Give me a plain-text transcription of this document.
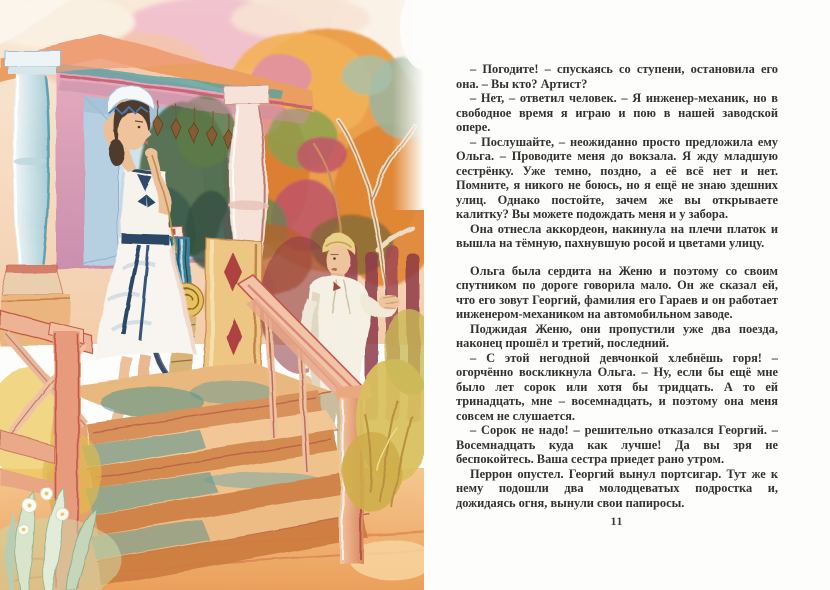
– Погодите! – спускаясь со ступени, остановила его она. – Вы кто? Артист?

– Нет, – ответил человек. – Я инженер-механик, но в свободное время я играю и пою в нашей заводской опере.

– Послушайте, – неожиданно просто предложила ему Ольга. – Проводите меня до вокзала. Я жду младшую сестрёнку. Уже темно, поздно, а её всё нет и нет. Помните, я никого не боюсь, но я ещё не знаю здешних улиц. Однако постойте, зачем же вы открываете калитку? Вы можете подождать меня и у забора.

Она отнесла аккордеон, накинула на плечи платок и вышла на тёмную, пахнувшую росой и цветами улицу.

Ольга была сердита на Женю и поэтому со своим спутником по дороге говорила мало. Он же сказал ей, что его зовут Георгий, фамилия его Гараев и он работает инженером-механиком на автомобильном заводе.

Поджидая Женю, они пропустили уже два поезда, наконец прошёл и третий, последний.

– С этой негодной девчонкой хлебнёшь горя! – огорчённо воскликнула Ольга. – Ну, если бы ещё мне было лет сорок или хотя бы тридцать. А то ей тринадцать, мне – восемнадцать, и поэтому она меня совсем не слушается.

– Сорок не надо! – решительно отказался Георгий. – Восемнадцать куда как лучше! Да вы зря не беспокойтесь. Ваша сестра приедет рано утром.

Перрон опустел. Георгий вынул портсигар. Тут же к нему подошли два молодцеватых подростка и, дожидаясь огня, вынули свои папиросы.

11
